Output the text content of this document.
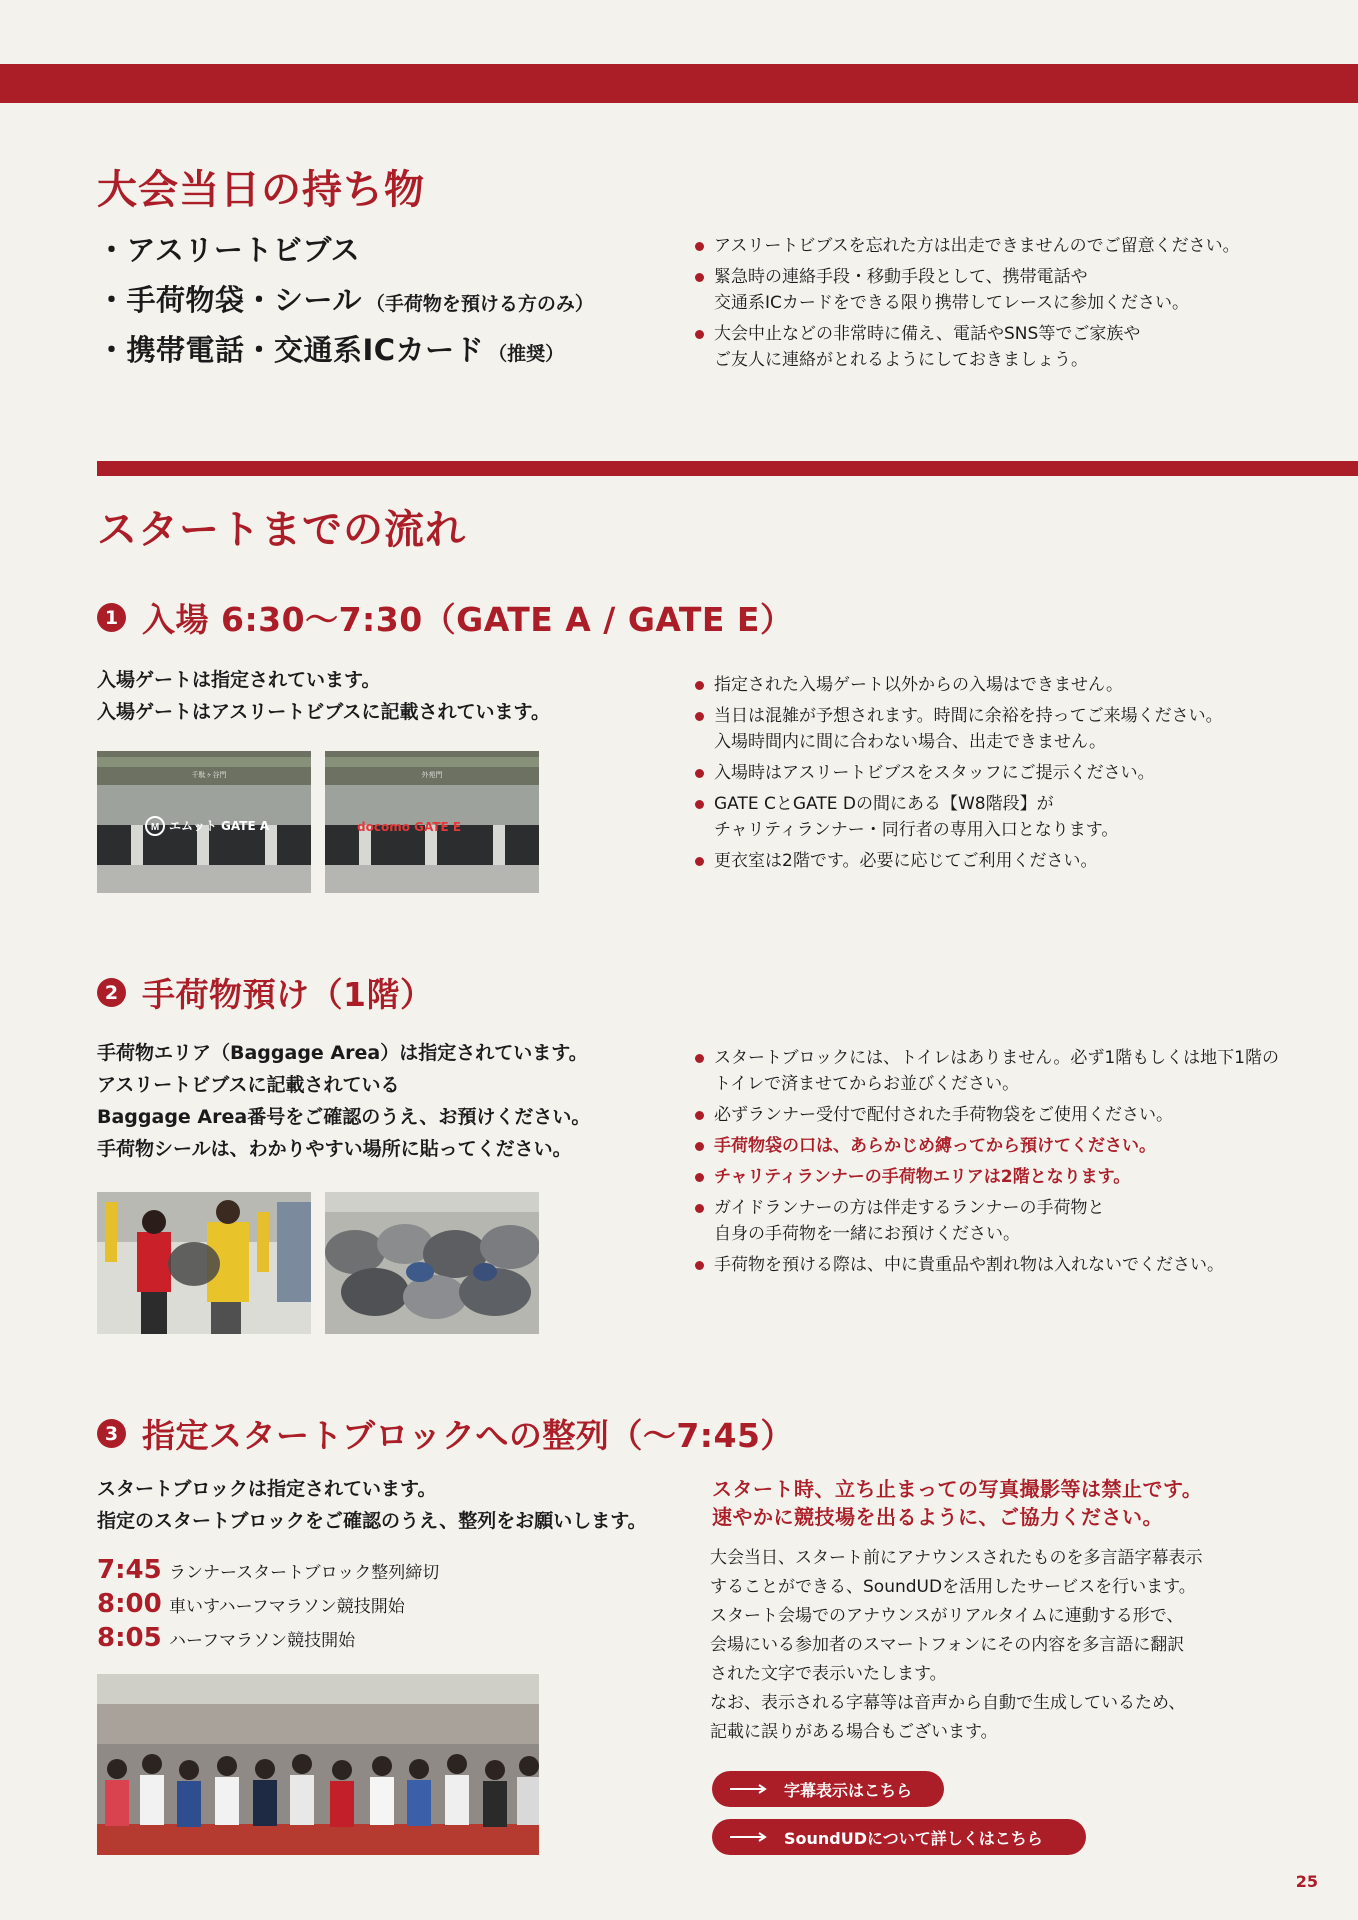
大会当日の持ち物
・アスリートビブス
・手荷物袋・シール （手荷物を預ける方のみ）
・携帯電話・交通系ICカード （推奨）
アスリートビブスを忘れた方は出走できませんのでご留意ください。
緊急時の連絡手段・移動手段として、携帯電話や
交通系ICカードをできる限り携帯してレースに参加ください。
大会中止などの非常時に備え、電話やSNS等でご家族や
ご友人に連絡がとれるようにしておきましょう。
スタートまでの流れ
1 入場 6:30〜7:30（GATE A / GATE E）
入場ゲートは指定されています。
入場ゲートはアスリートビブスに記載されています。
M
千駄ヶ谷門
エムット GATE A
外苑門
docomo GATE E
指定された入場ゲート以外からの入場はできません。
当日は混雑が予想されます。時間に余裕を持ってご来場ください。
入場時間内に間に合わない場合、出走できません。
入場時はアスリートビブスをスタッフにご提示ください。
GATE CとGATE Dの間にある【W8階段】が
チャリティランナー・同行者の専用入口となります。
更衣室は2階です。必要に応じてご利用ください。
2 手荷物預け（1階）
手荷物エリア（Baggage Area）は指定されています。
アスリートビブスに記載されている
Baggage Area番号をご確認のうえ、お預けください。
手荷物シールは、わかりやすい場所に貼ってください。
スタートブロックには、トイレはありません。必ず1階もしくは地下1階の
トイレで済ませてからお並びください。
必ずランナー受付で配付された手荷物袋をご使用ください。
手荷物袋の口は、あらかじめ縛ってから預けてください。
チャリティランナーの手荷物エリアは2階となります。
ガイドランナーの方は伴走するランナーの手荷物と
自身の手荷物を一緒にお預けください。
手荷物を預ける際は、中に貴重品や割れ物は入れないでください。
3 指定スタートブロックへの整列（〜7:45）
スタートブロックは指定されています。
指定のスタートブロックをご確認のうえ、整列をお願いします。
7:45 ランナースタートブロック整列締切
8:00 車いすハーフマラソン競技開始
8:05 ハーフマラソン競技開始
スタート時、立ち止まっての写真撮影等は禁止です。
速やかに競技場を出るように、ご協力ください。
大会当日、スタート前にアナウンスされたものを多言語字幕表示
することができる、SoundUDを活用したサービスを行います。
スタート会場でのアナウンスがリアルタイムに連動する形で、
会場にいる参加者のスマートフォンにその内容を多言語に翻訳
された文字で表示いたします。
なお、表示される字幕等は音声から自動で生成しているため、
記載に誤りがある場合もございます。
字幕表示はこちら
SoundUDについて詳しくはこちら
25
